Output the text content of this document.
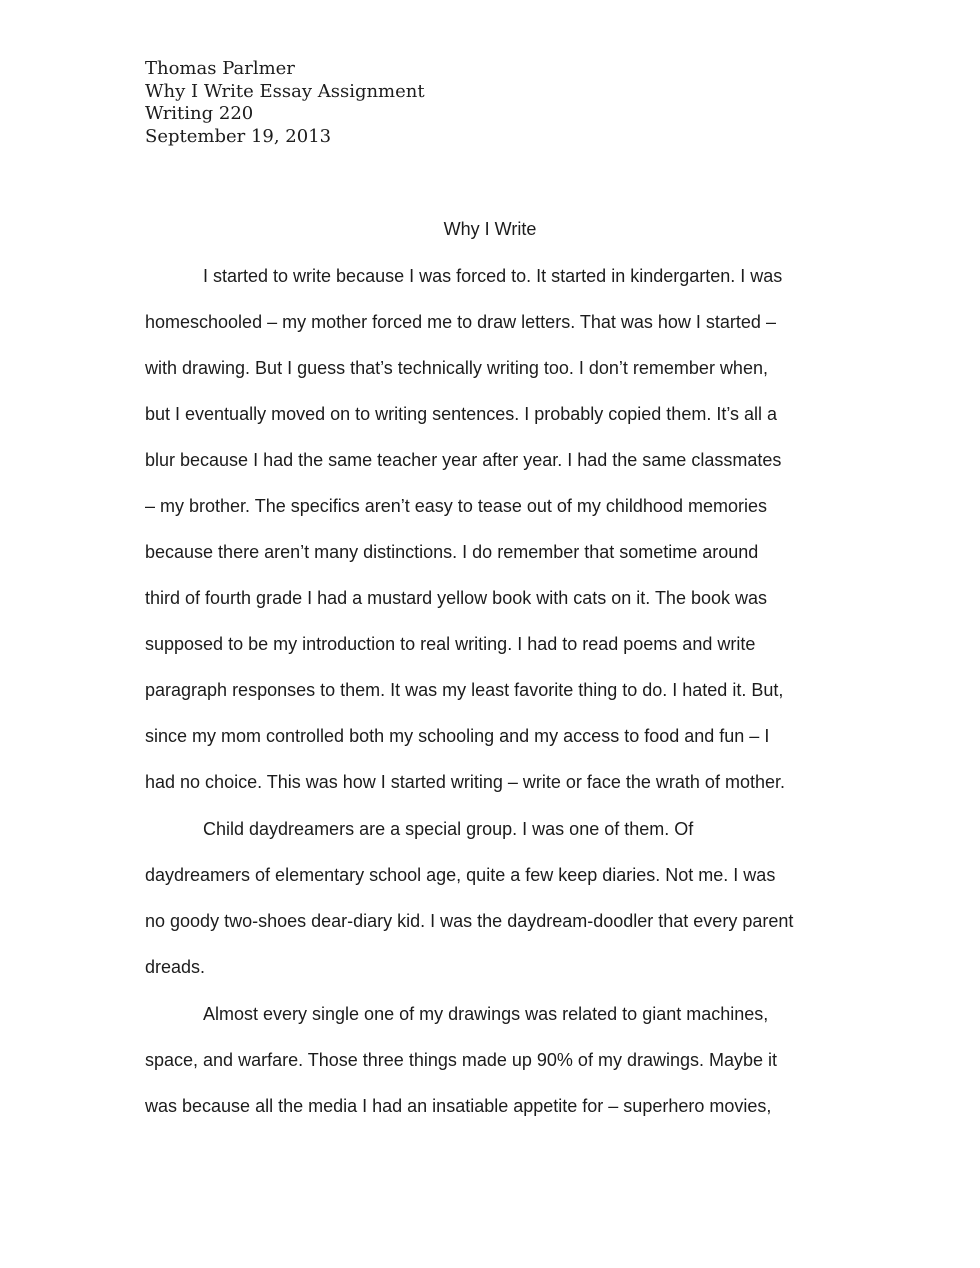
Thomas Parlmer
Why I Write Essay Assignment
Writing 220
September 19, 2013
Why I Write
I started to write because I was forced to. It started in kindergarten. I was
homeschooled – my mother forced me to draw letters. That was how I started –
with drawing. But I guess that’s technically writing too. I don’t remember when,
but I eventually moved on to writing sentences. I probably copied them. It’s all a
blur because I had the same teacher year after year. I had the same classmates
– my brother. The specifics aren’t easy to tease out of my childhood memories
because there aren’t many distinctions. I do remember that sometime around
third of fourth grade I had a mustard yellow book with cats on it. The book was
supposed to be my introduction to real writing. I had to read poems and write
paragraph responses to them. It was my least favorite thing to do. I hated it. But,
since my mom controlled both my schooling and my access to food and fun – I
had no choice. This was how I started writing – write or face the wrath of mother.
Child daydreamers are a special group. I was one of them. Of
daydreamers of elementary school age, quite a few keep diaries. Not me. I was
no goody two-shoes dear-diary kid. I was the daydream-doodler that every parent
dreads.
Almost every single one of my drawings was related to giant machines,
space, and warfare. Those three things made up 90% of my drawings. Maybe it
was because all the media I had an insatiable appetite for – superhero movies,
